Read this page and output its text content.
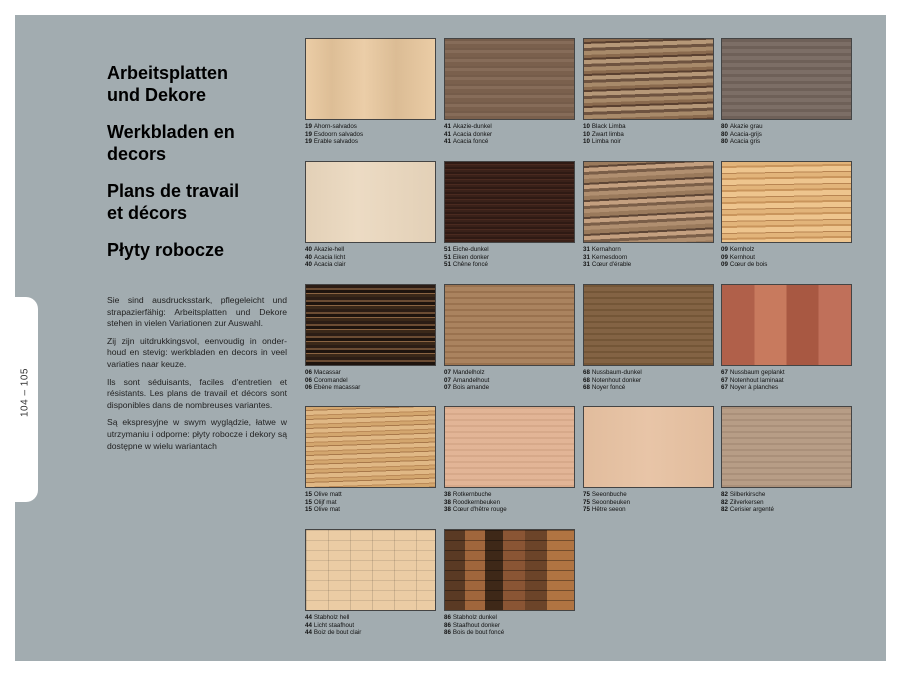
104 – 105
Arbeitsplatten
und Dekore
Werkbladen en
decors
Plans de travail
et décors
Płyty robocze

Sie sind ausdrucksstark, pflegeleicht und strapazierfähig: Arbeitsplatten und Dekore stehen in vielen Variationen zur Auswahl.

Zij zijn uitdrukkingsvol, eenvoudig in onderhoud en stevig: werkbladen en decors in veel variaties naar keuze.

Ils sont séduisants, faciles d'entretien et résistants. Les plans de travail et décors sont disponibles dans de nombreuses variantes.

Są ekspresyjne w swym wyglądzie, łatwe w utrzymaniu i odporne: płyty robocze i dekory są dostępne w wielu wariantach

19 Ahorn-salvados
19 Esdoorn salvados
19 Érable salvados
41 Akazie-dunkel
41 Acacia donker
41 Acacia foncé
10 Black Limba
10 Zwart limba
10 Limba noir
80 Akazie grau
80 Acacia-grijs
80 Acacia gris
40 Akazie-hell
40 Acacia licht
40 Acacia clair
51 Eiche-dunkel
51 Eiken donker
51 Chêne foncé
31 Kernahorn
31 Kernesdoorn
31 Cœur d'érable
09 Kernholz
09 Kernhout
09 Cœur de bois
06 Macassar
06 Coromandel
06 Ébène macassar
07 Mandelholz
07 Amandelhout
07 Bois amande
68 Nussbaum-dunkel
68 Notenhout donker
68 Noyer foncé
67 Nussbaum geplankt
67 Notenhout laminaat
67 Noyer à planches
15 Olive matt
15 Olijf mat
15 Olive mat
38 Rotkernbuche
38 Roodkernbeuken
38 Cœur d'hêtre rouge
75 Seeonbuche
75 Seoonbeuken
75 Hêtre seeon
82 Silberkirsche
82 Zilverkersen
82 Cerisier argenté
44 Stabholz hell
44 Licht staafhout
44 Boiz de bout clair
86 Stabholz dunkel
86 Staafhout donker
86 Bois de bout foncé
